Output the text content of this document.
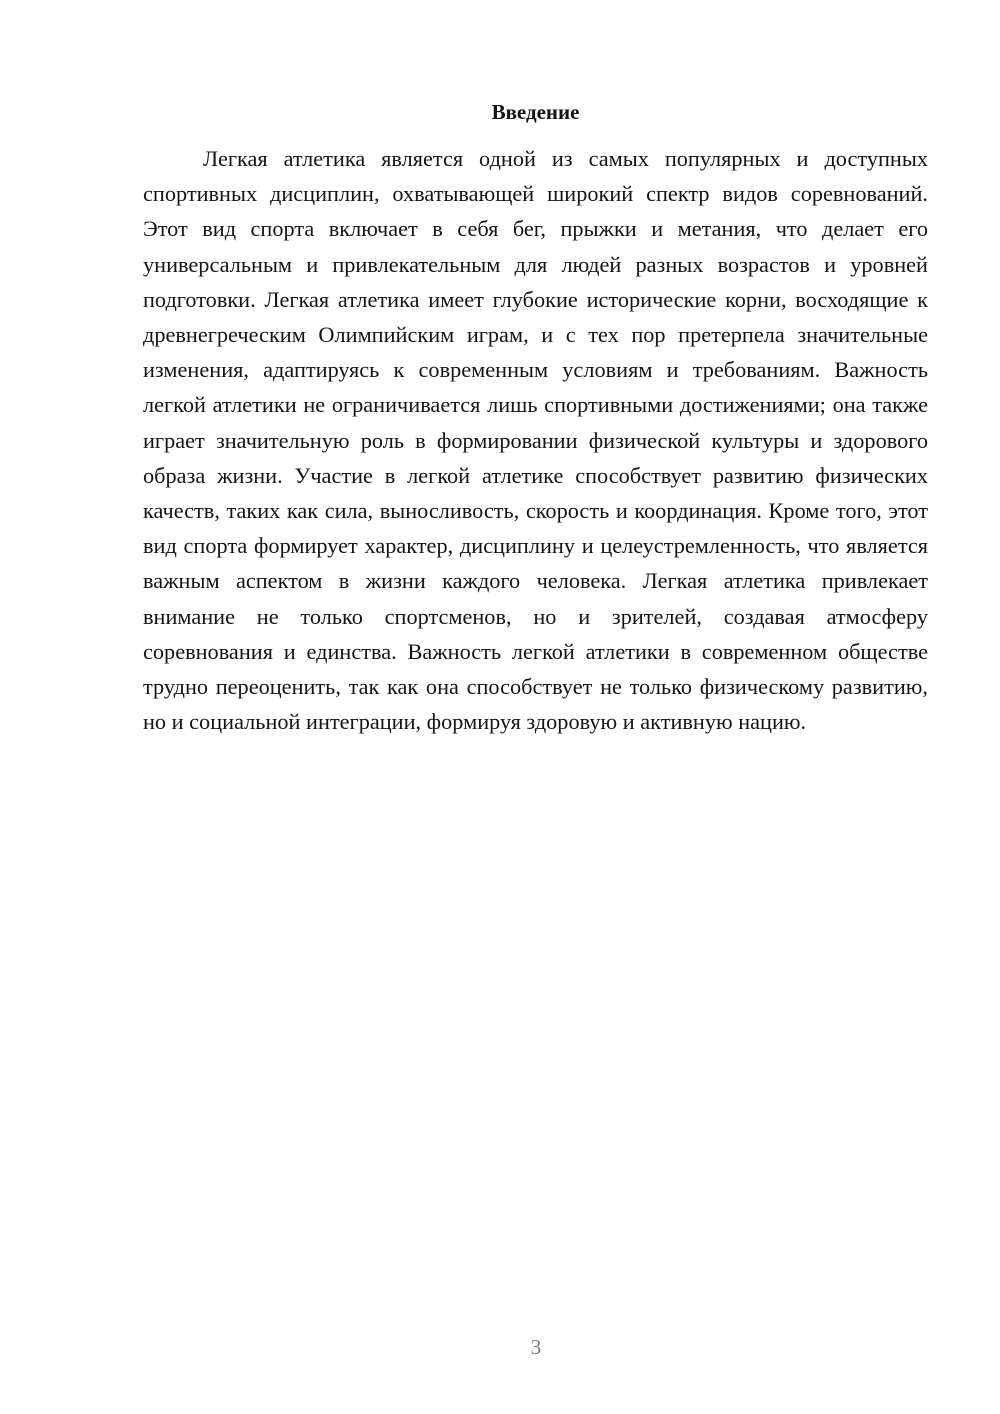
Введение

Легкая атлетика является одной из самых популярных и доступных спортивных дисциплин, охватывающей широкий спектр видов соревнований. Этот вид спорта включает в себя бег, прыжки и метания, что делает его универсальным и привлекательным для людей разных возрастов и уровней подготовки. Легкая атлетика имеет глубокие исторические корни, восходящие к древнегреческим Олимпийским играм, и с тех пор претерпела значительные изменения, адаптируясь к современным условиям и требованиям. Важность легкой атлетики не ограничивается лишь спортивными достижениями; она также играет значительную роль в формировании физической культуры и здорового образа жизни. Участие в легкой атлетике способствует развитию физических качеств, таких как сила, выносливость, скорость и координация. Кроме того, этот вид спорта формирует характер, дисциплину и целеустремленность, что является важным аспектом в жизни каждого человека. Легкая атлетика привлекает внимание не только спортсменов, но и зрителей, создавая атмосферу соревнования и единства. Важность легкой атлетики в современном обществе трудно переоценить, так как она способствует не только физическому развитию, но и социальной интеграции, формируя здоровую и активную нацию.

3
